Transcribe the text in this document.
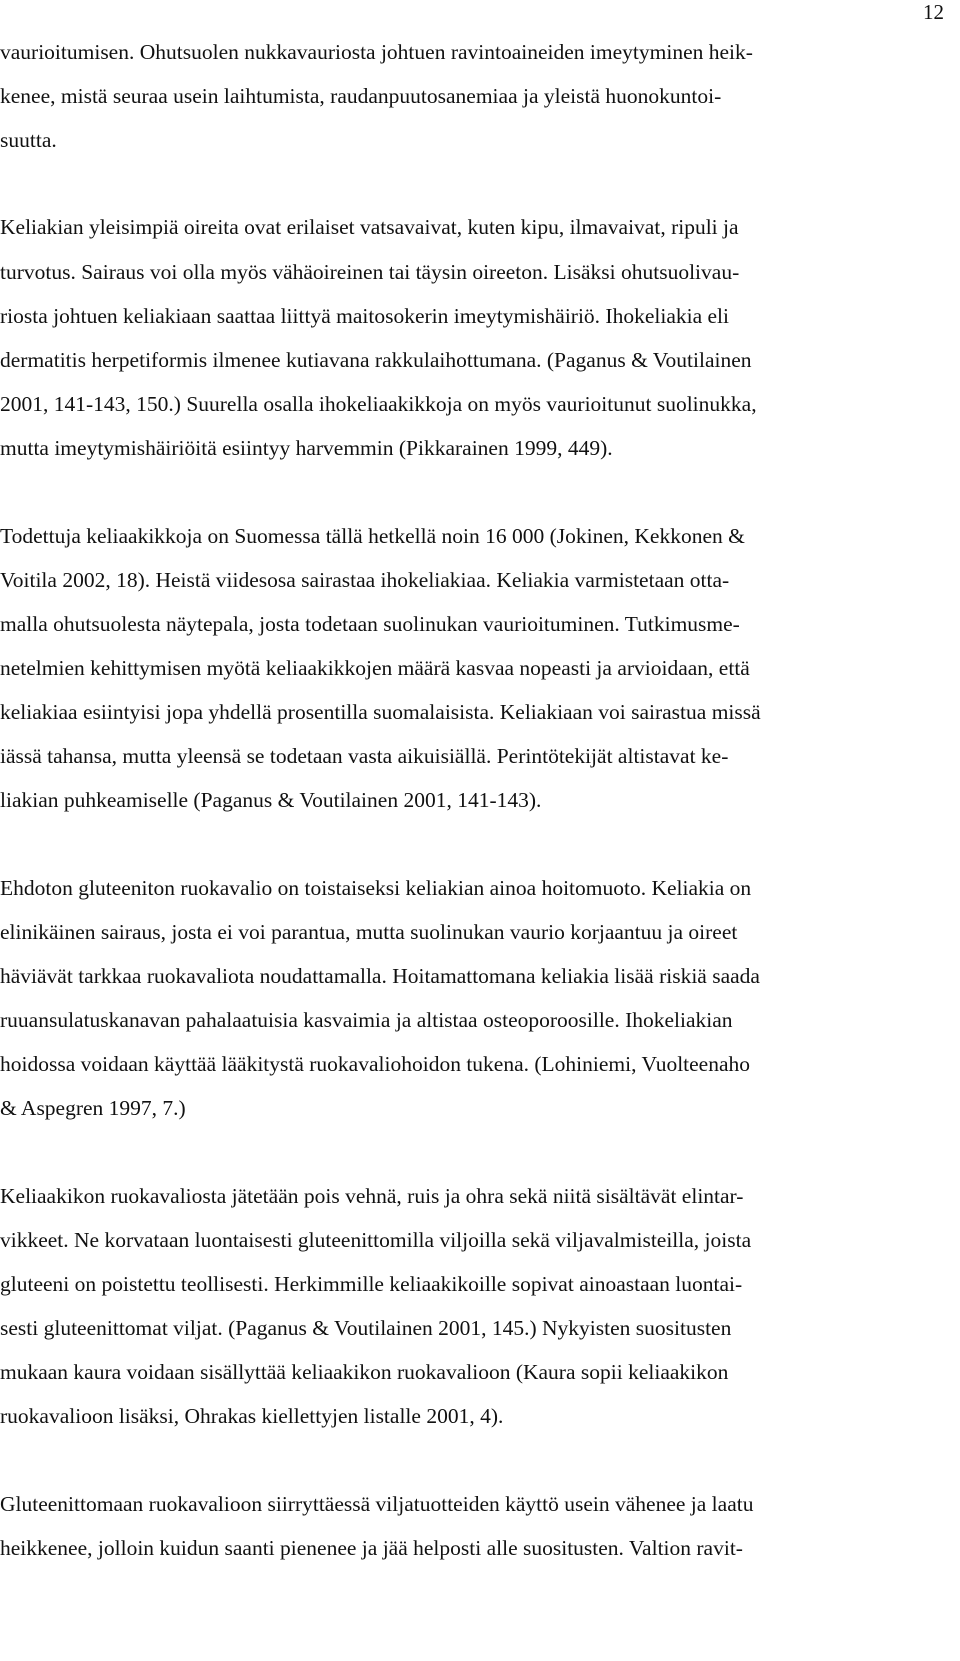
12
vaurioitumisen. Ohutsuolen nukkavauriosta johtuen ravintoaineiden imeytyminen heik-
kenee, mistä seuraa usein laihtumista, raudanpuutosanemiaa ja yleistä huonokuntoi-
suutta.
Keliakian yleisimpiä oireita ovat erilaiset vatsavaivat, kuten kipu, ilmavaivat, ripuli ja
turvotus. Sairaus voi olla myös vähäoireinen tai täysin oireeton. Lisäksi ohutsuolivau-
riosta johtuen keliakiaan saattaa liittyä maitosokerin imeytymishäiriö. Ihokeliakia eli
dermatitis herpetiformis ilmenee kutiavana rakkulaihottumana. (Paganus & Voutilainen
2001, 141-143, 150.) Suurella osalla ihokeliaakikkoja on myös vaurioitunut suolinukka,
mutta imeytymishäiriöitä esiintyy harvemmin (Pikkarainen 1999, 449).
Todettuja keliaakikkoja on Suomessa tällä hetkellä noin 16 000 (Jokinen, Kekkonen &
Voitila 2002, 18). Heistä viidesosa sairastaa ihokeliakiaa. Keliakia varmistetaan otta-
malla ohutsuolesta näytepala, josta todetaan suolinukan vaurioituminen. Tutkimusme-
netelmien kehittymisen myötä keliaakikkojen määrä kasvaa nopeasti ja arvioidaan, että
keliakiaa esiintyisi jopa yhdellä prosentilla suomalaisista. Keliakiaan voi sairastua missä
iässä tahansa, mutta yleensä se todetaan vasta aikuisiällä. Perintötekijät altistavat ke-
liakian puhkeamiselle (Paganus & Voutilainen 2001, 141-143).
Ehdoton gluteeniton ruokavalio on toistaiseksi keliakian ainoa hoitomuoto. Keliakia on
elinikäinen sairaus, josta ei voi parantua, mutta suolinukan vaurio korjaantuu ja oireet
häviävät tarkkaa ruokavaliota noudattamalla. Hoitamattomana keliakia lisää riskiä saada
ruuansulatuskanavan pahalaatuisia kasvaimia ja altistaa osteoporoosille. Ihokeliakian
hoidossa voidaan käyttää lääkitystä ruokavaliohoidon tukena. (Lohiniemi, Vuolteenaho
& Aspegren 1997, 7.)
Keliaakikon ruokavaliosta jätetään pois vehnä, ruis ja ohra sekä niitä sisältävät elintar-
vikkeet. Ne korvataan luontaisesti gluteenittomilla viljoilla sekä viljavalmisteilla, joista
gluteeni on poistettu teollisesti. Herkimmille keliaakikoille sopivat ainoastaan luontai-
sesti gluteenittomat viljat. (Paganus & Voutilainen 2001, 145.) Nykyisten suositusten
mukaan kaura voidaan sisällyttää keliaakikon ruokavalioon (Kaura sopii keliaakikon
ruokavalioon lisäksi, Ohrakas kiellettyjen listalle 2001, 4).
Gluteenittomaan ruokavalioon siirryttäessä viljatuotteiden käyttö usein vähenee ja laatu
heikkenee, jolloin kuidun saanti pienenee ja jää helposti alle suositusten. Valtion ravit-
